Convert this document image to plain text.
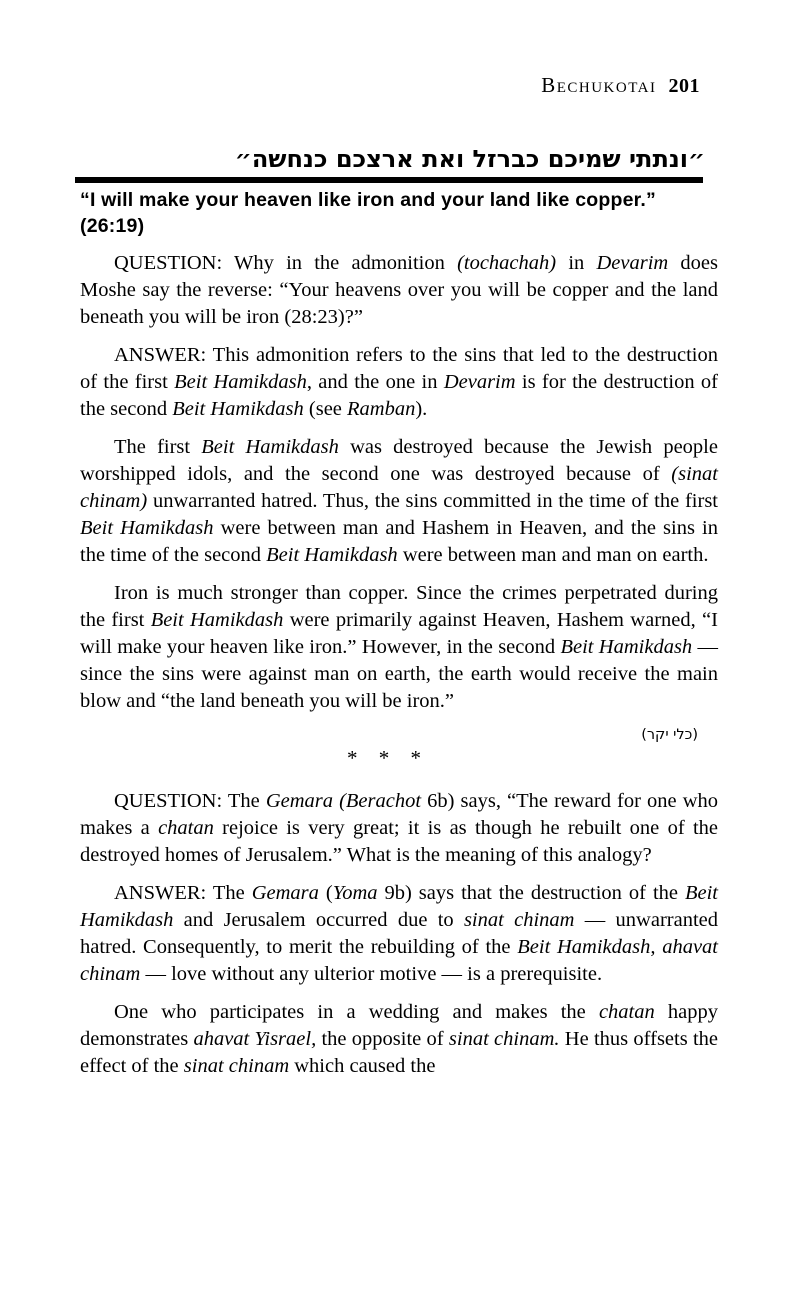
Bechukotai 201
״ונתתי שמיכם כברזל ואת ארצכם כנחשה״
“I will make your heaven like iron and your land like copper.”
(26:19)

QUESTION: Why in the admonition (tochachah) in Devarim does Moshe say the reverse: “Your heavens over you will be copper and the land beneath you will be iron (28:23)?”

ANSWER: This admonition refers to the sins that led to the destruction of the first Beit Hamikdash, and the one in Devarim is for the destruction of the second Beit Hamikdash (see Ramban).

The first Beit Hamikdash was destroyed because the Jewish people worshipped idols, and the second one was destroyed because of (sinat chinam) unwarranted hatred. Thus, the sins committed in the time of the first Beit Hamikdash were between man and Hashem in Heaven, and the sins in the time of the second Beit Hamikdash were between man and man on earth.

Iron is much stronger than copper. Since the crimes perpetrated during the first Beit Hamikdash were primarily against Heaven, Hashem warned, “I will make your heaven like iron.” However, in the second Beit Hamikdash — since the sins were against man on earth, the earth would receive the main blow and “the land beneath you will be iron.”

(כלי יקר)
* * *

QUESTION: The Gemara (Berachot 6b) says, “The reward for one who makes a chatan rejoice is very great; it is as though he rebuilt one of the destroyed homes of Jerusalem.” What is the meaning of this analogy?

ANSWER: The Gemara (Yoma 9b) says that the destruction of the Beit Hamikdash and Jerusalem occurred due to sinat chinam — unwarranted hatred. Consequently, to merit the rebuilding of the Beit Hamikdash, ahavat chinam — love without any ulterior motive — is a prerequisite.

One who participates in a wedding and makes the chatan happy demonstrates ahavat Yisrael, the opposite of sinat chinam. He thus offsets the effect of the sinat chinam which caused the
